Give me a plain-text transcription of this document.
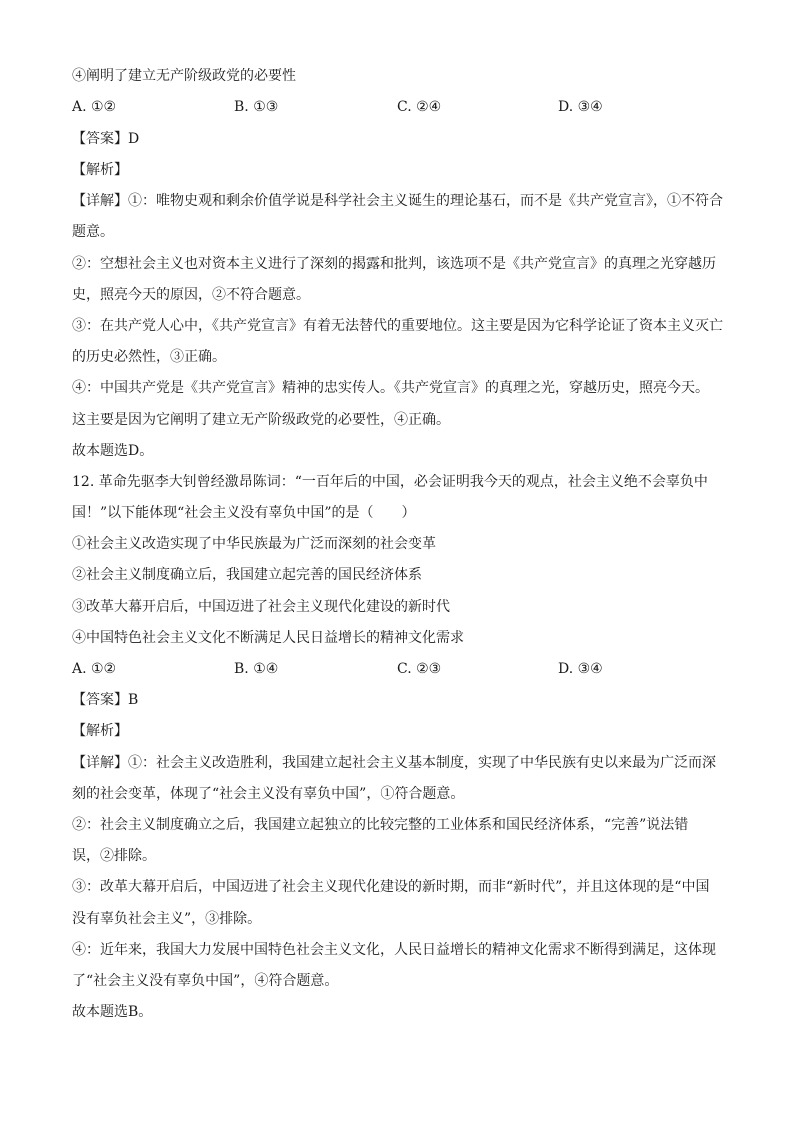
④阐明了建立无产阶级政党的必要性
A. ①②	B. ①③	C. ②④	D. ③④
【答案】D
【解析】
【详解】①：唯物史观和剩余价值学说是科学社会主义诞生的理论基石，而不是《共产党宣言》，①不符合
题意。
②：空想社会主义也对资本主义进行了深刻的揭露和批判，该选项不是《共产党宣言》的真理之光穿越历
史，照亮今天的原因，②不符合题意。
③：在共产党人心中，《共产党宣言》有着无法替代的重要地位。这主要是因为它科学论证了资本主义灭亡
的历史必然性，③正确。
④：中国共产党是《共产党宣言》精神的忠实传人。《共产党宣言》的真理之光，穿越历史，照亮今天。
这主要是因为它阐明了建立无产阶级政党的必要性，④正确。
故本题选D。
12. 革命先驱李大钊曾经激昂陈词：“一百年后的中国，必会证明我今天的观点，社会主义绝不会辜负中
国！”以下能体现“社会主义没有辜负中国”的是（　　）
①社会主义改造实现了中华民族最为广泛而深刻的社会变革
②社会主义制度确立后，我国建立起完善的国民经济体系
③改革大幕开启后，中国迈进了社会主义现代化建设的新时代
④中国特色社会主义文化不断满足人民日益增长的精神文化需求
A. ①②	B. ①④	C. ②③	D. ③④
【答案】B
【解析】
【详解】①：社会主义改造胜利，我国建立起社会主义基本制度，实现了中华民族有史以来最为广泛而深
刻的社会变革，体现了“社会主义没有辜负中国”，①符合题意。
②：社会主义制度确立之后，我国建立起独立的比较完整的工业体系和国民经济体系，“完善”说法错
误，②排除。
③：改革大幕开启后，中国迈进了社会主义现代化建设的新时期，而非“新时代”，并且这体现的是“中国
没有辜负社会主义”，③排除。
④：近年来，我国大力发展中国特色社会主义文化，人民日益增长的精神文化需求不断得到满足，这体现
了“社会主义没有辜负中国”，④符合题意。
故本题选B。
